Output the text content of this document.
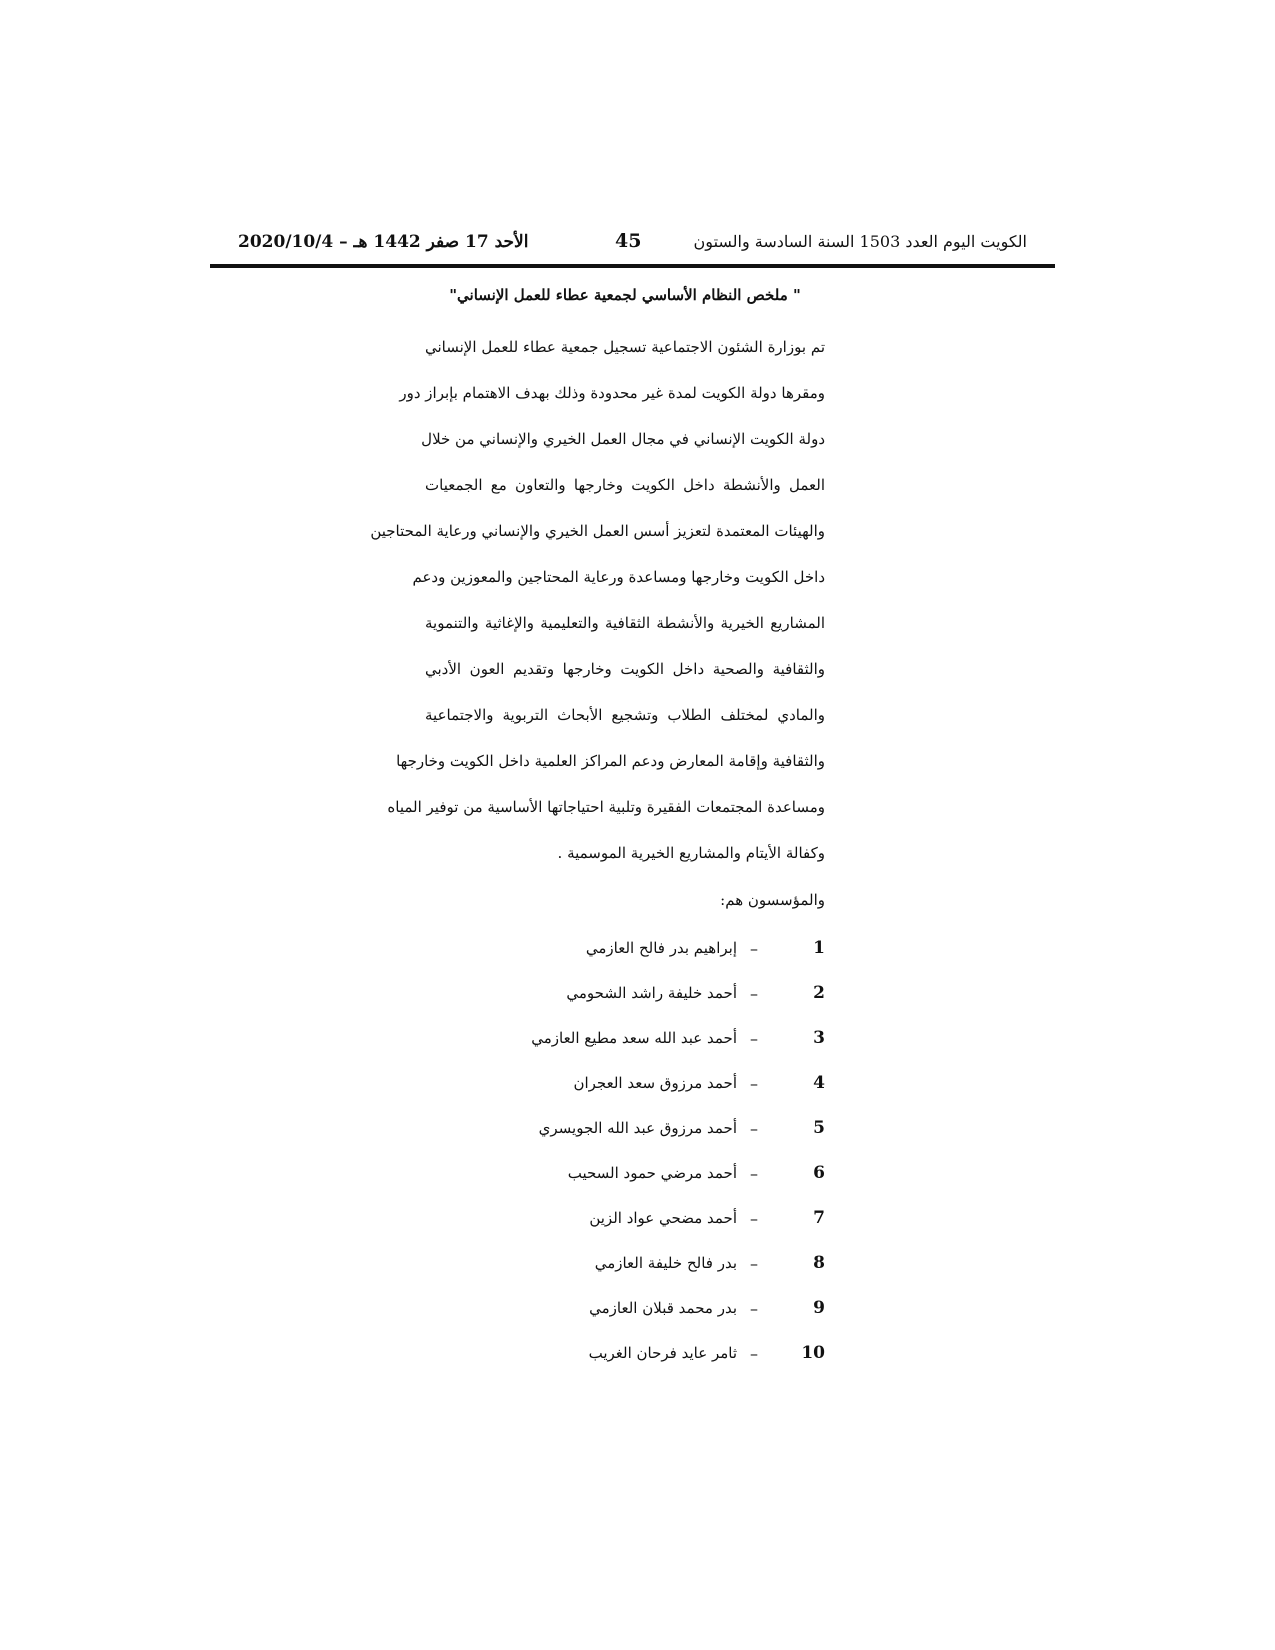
الأحد 17 صفر 1442 هـ – 2020/10/4	45	الكويت اليوم العدد 1503 السنة السادسة والستون
" ملخص النظام الأساسي لجمعية عطاء للعمل الإنساني"
تم بوزارة الشئون الاجتماعية تسجيل جمعية عطاء للعمل الإنساني
ومقرها دولة الكويت لمدة غير محدودة وذلك بهدف الاهتمام بإبراز دور
دولة الكويت الإنساني في مجال العمل الخيري والإنساني من خلال
العمل والأنشطة داخل الكويت وخارجها والتعاون مع الجمعيات
والهيئات المعتمدة لتعزيز أسس العمل الخيري والإنساني ورعاية المحتاجين
داخل الكويت وخارجها ومساعدة ورعاية المحتاجين والمعوزين ودعم
المشاريع الخيرية والأنشطة الثقافية والتعليمية والإغاثية والتنموية
والثقافية والصحية داخل الكويت وخارجها وتقديم العون الأدبي
والمادي لمختلف الطلاب وتشجيع الأبحاث التربوية والاجتماعية
والثقافية وإقامة المعارض ودعم المراكز العلمية داخل الكويت وخارجها
ومساعدة المجتمعات الفقيرة وتلبية احتياجاتها الأساسية من توفير المياه
وكفالة الأيتام والمشاريع الخيرية الموسمية .
والمؤسسون هم:
1
–
إبراهيم بدر فالح العازمي
2
–
أحمد خليفة راشد الشحومي
3
–
أحمد عبد الله سعد مطيع العازمي
4
–
أحمد مرزوق سعد العجران
5
–
أحمد مرزوق عبد الله الجويسري
6
–
أحمد مرضي حمود السحيب
7
–
أحمد مضحي عواد الزين
8
–
بدر فالح خليفة العازمي
9
–
بدر محمد قبلان العازمي
10
–
ثامر عايد فرحان الغريب
